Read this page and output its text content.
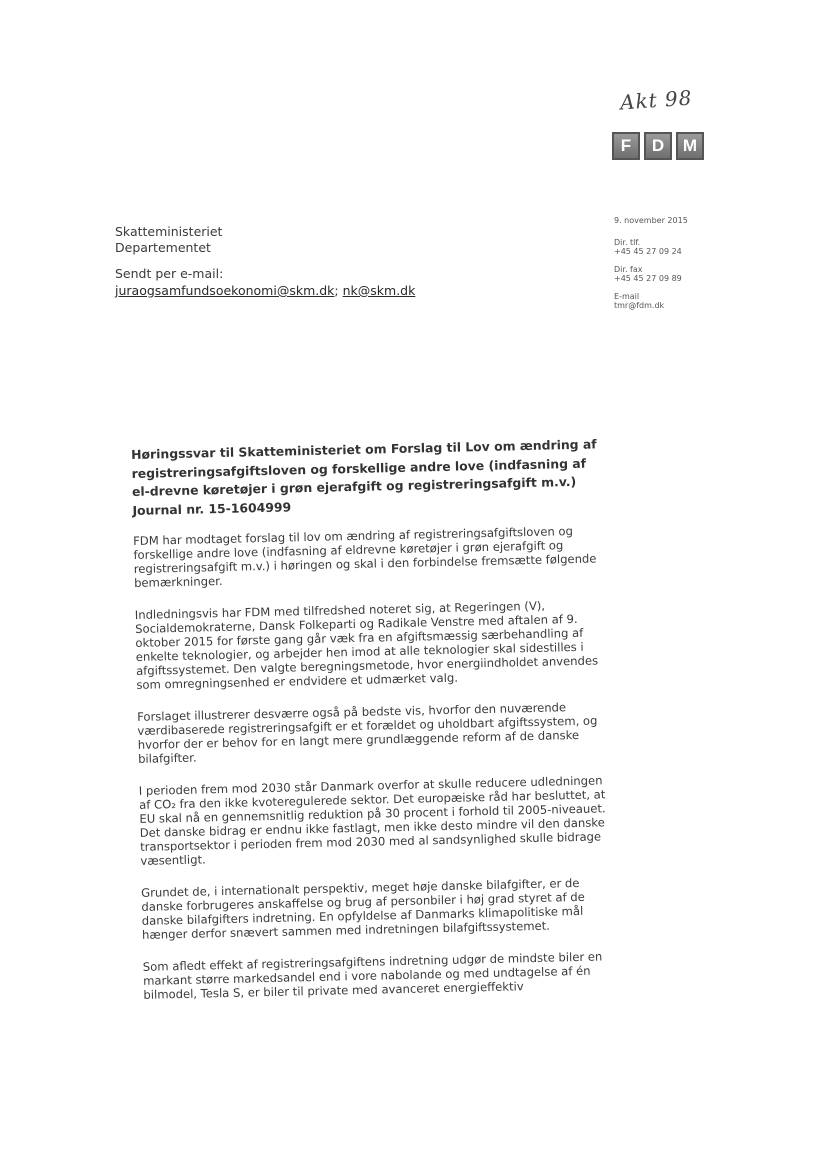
Akt 98
F	D	M
Skatteministeriet
Departementet
Sendt per e-mail:
juraogsamfundsoekonomi@skm.dk; nk@skm.dk
9. november 2015
Dir. tlf.
+45 45 27 09 24
Dir. fax
+45 45 27 09 89
E-mail
tmr@fdm.dk

Høringssvar til Skatteministeriet om Forslag til Lov om ændring af registreringsafgiftsloven og forskellige andre love (indfasning af el-drevne køretøjer i grøn ejerafgift og registreringsafgift m.v.) Journal nr. 15-1604999

FDM har modtaget forslag til lov om ændring af registreringsafgiftsloven og forskellige andre love (indfasning af eldrevne køretøjer i grøn ejerafgift og registreringsafgift m.v.) i høringen og skal i den forbindelse fremsætte følgende bemærkninger.

Indledningsvis har FDM med tilfredshed noteret sig, at Regeringen (V), Socialdemokraterne, Dansk Folkeparti og Radikale Venstre med aftalen af 9. oktober 2015 for første gang går væk fra en afgiftsmæssig særbehandling af enkelte teknologier, og arbejder hen imod at alle teknologier skal sidestilles i afgiftssystemet. Den valgte beregningsmetode, hvor energiindholdet anvendes som omregningsenhed er endvidere et udmærket valg.

Forslaget illustrerer desværre også på bedste vis, hvorfor den nuværende værdibaserede registreringsafgift er et forældet og uholdbart afgiftssystem, og hvorfor der er behov for en langt mere grundlæggende reform af de danske bilafgifter.

I perioden frem mod 2030 står Danmark overfor at skulle reducere udledningen af CO₂ fra den ikke kvoteregulerede sektor. Det europæiske råd har besluttet, at EU skal nå en gennemsnitlig reduktion på 30 procent i forhold til 2005-niveauet. Det danske bidrag er endnu ikke fastlagt, men ikke desto mindre vil den danske transportsektor i perioden frem mod 2030 med al sandsynlighed skulle bidrage væsentligt.

Grundet de, i internationalt perspektiv, meget høje danske bilafgifter, er de danske forbrugeres anskaffelse og brug af personbiler i høj grad styret af de danske bilafgifters indretning. En opfyldelse af Danmarks klimapolitiske mål hænger derfor snævert sammen med indretningen bilafgiftssystemet.

Som afledt effekt af registreringsafgiftens indretning udgør de mindste biler en markant større markedsandel end i vore nabolande og med undtagelse af én bilmodel, Tesla S, er biler til private med avanceret energieffektiv
